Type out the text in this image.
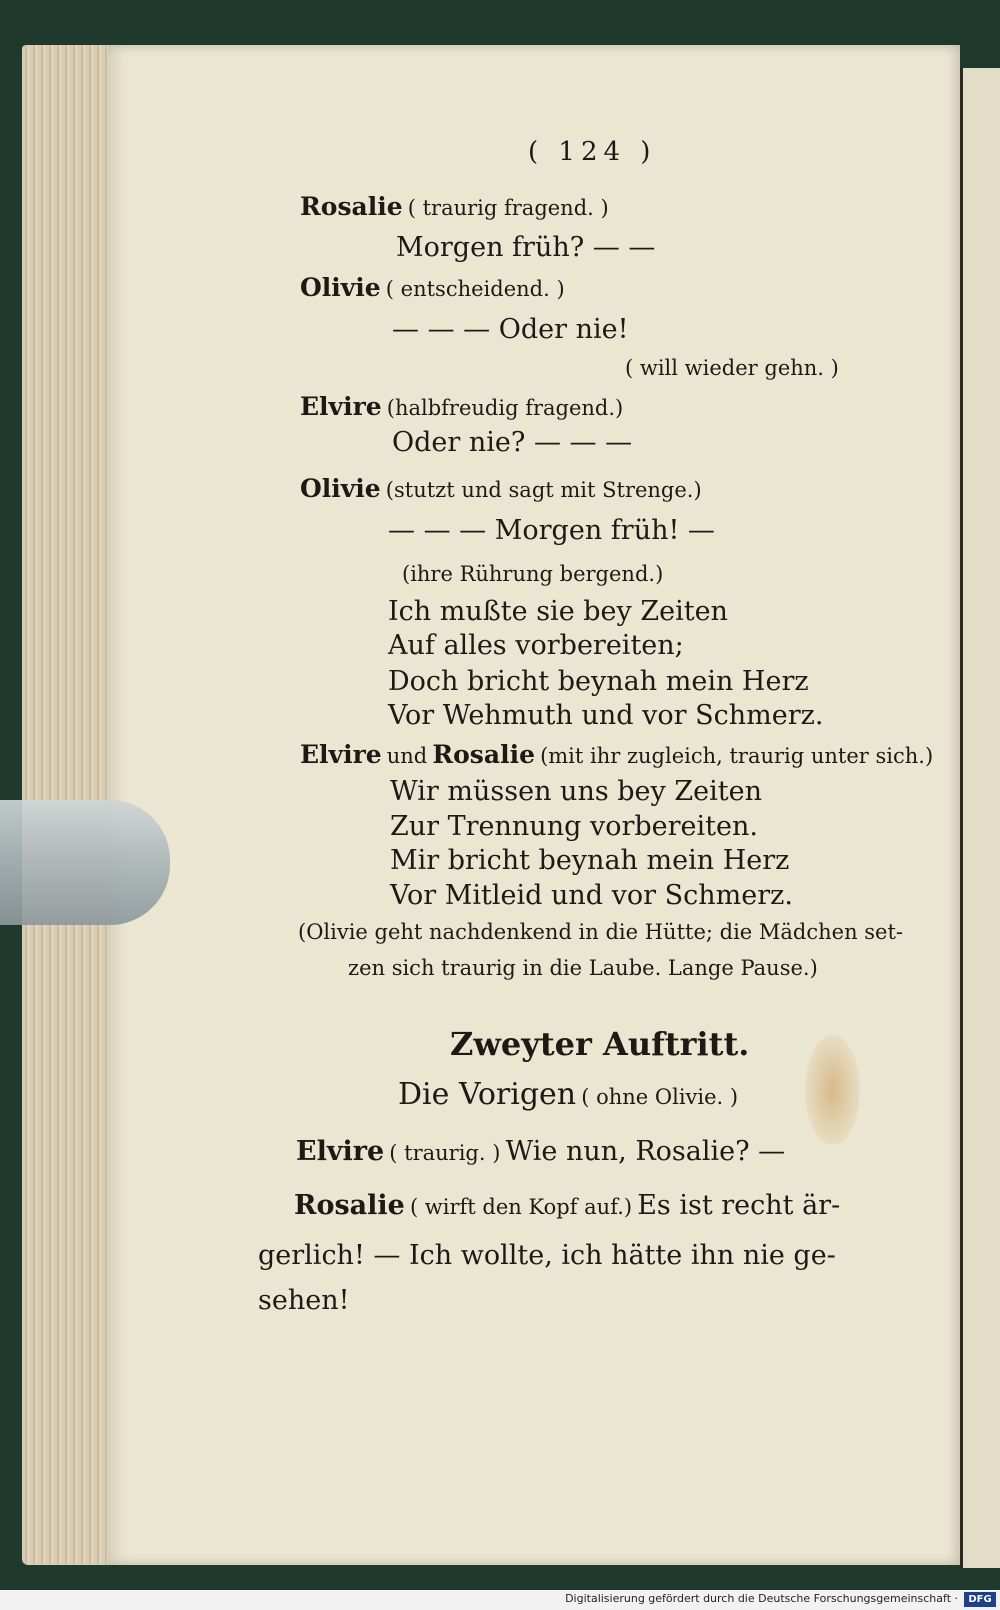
( 124 )
Rosalie ( traurig fragend. )
Morgen früh? — —
Olivie ( entscheidend. )
— — — Oder nie!
( will wieder gehn. )
Elvire (halbfreudig fragend.)
Oder nie? — — —
Olivie (stutzt und sagt mit Strenge.)
— — — Morgen früh! —
(ihre Rührung bergend.)
Ich mußte sie bey Zeiten
Auf alles vorbereiten;
Doch bricht beynah mein Herz
Vor Wehmuth und vor Schmerz.
Elvire und Rosalie (mit ihr zugleich, traurig unter sich.)
Wir müssen uns bey Zeiten
Zur Trennung vorbereiten.
Mir bricht beynah mein Herz
Vor Mitleid und vor Schmerz.
(Olivie geht nachdenkend in die Hütte; die Mädchen set-
zen sich traurig in die Laube. Lange Pause.)
Zweyter Auftritt.
Die Vorigen ( ohne Olivie. )
Elvire ( traurig. ) Wie nun, Rosalie? —
Rosalie ( wirft den Kopf auf.) Es ist recht är-
gerlich! — Ich wollte, ich hätte ihn nie ge-
sehen!
Digitalisierung gefördert durch die Deutsche Forschungsgemeinschaft ·	DFG
